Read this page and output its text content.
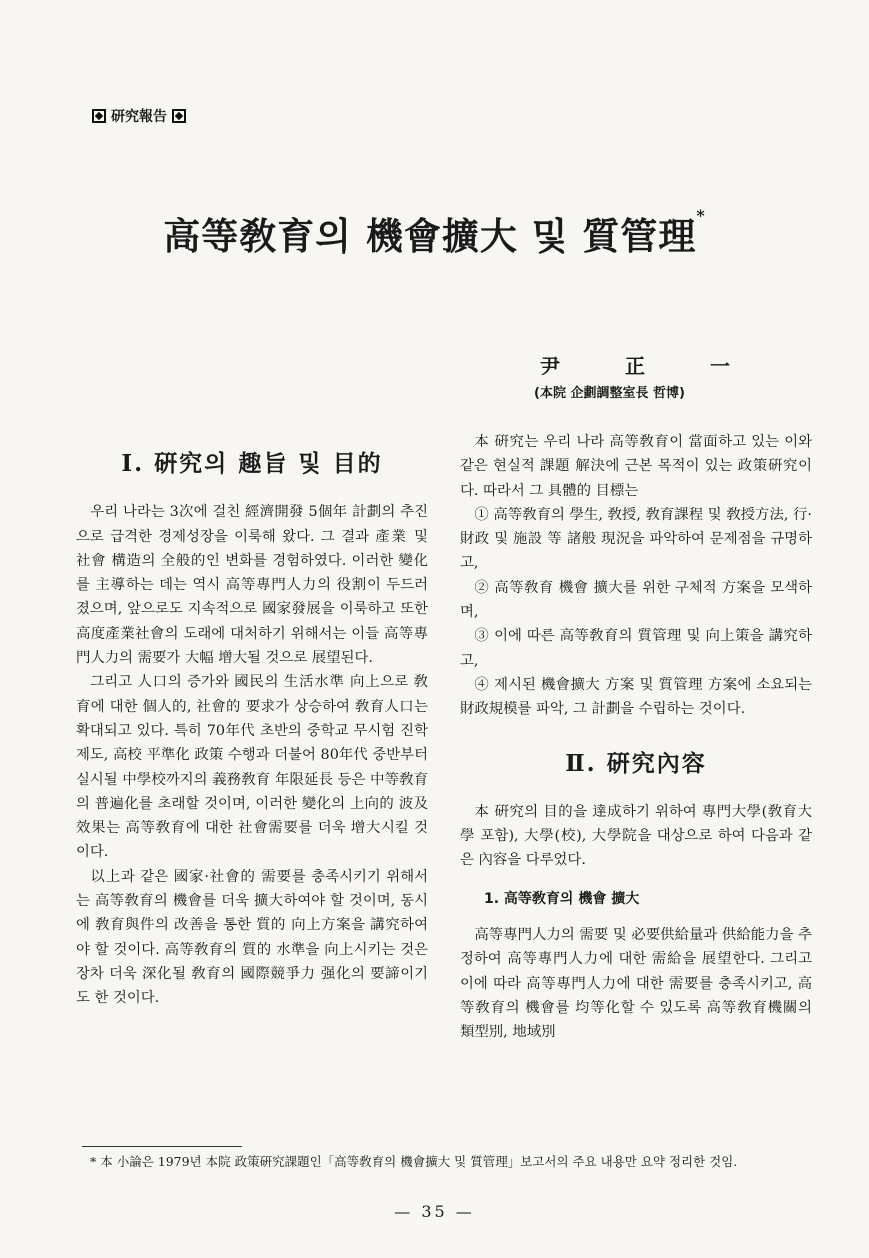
研究報告
高等敎育의 機會擴大 및 質管理*
尹	正	一
(本院 企劃調整室長 哲博)
Ⅰ. 硏究의 趣旨 및 目的

우리 나라는 3次에 걸친 經濟開發 5個年 計劃의 추진으로 급격한 경제성장을 이룩해 왔다. 그 결과 產業 및 社會 構造의 全般的인 변화를 경험하였다. 이러한 變化를 主導하는 데는 역시 高等專門人力의 役割이 두드러졌으며, 앞으로도 지속적으로 國家發展을 이룩하고 또한 高度產業社會의 도래에 대처하기 위해서는 이들 高等專門人力의 需要가 大幅 增大될 것으로 展望된다.

그리고 人口의 증가와 國民의 生活水準 向上으로 敎育에 대한 個人的, 社會的 要求가 상승하여 敎育人口는 확대되고 있다. 특히 70年代 초반의 중학교 무시험 진학제도, 高校 平準化 政策 수행과 더불어 80年代 중반부터 실시될 中學校까지의 義務敎育 年限延長 등은 中等敎育의 普遍化를 초래할 것이며, 이러한 變化의 上向的 波及效果는 高等敎育에 대한 社會需要를 더욱 增大시킬 것이다.

以上과 같은 國家·社會的 需要를 충족시키기 위해서는 高等敎育의 機會를 더욱 擴大하여야 할 것이며, 동시에 敎育與件의 改善을 통한 質的 向上方案을 講究하여야 할 것이다. 高等敎育의 質的 水準을 向上시키는 것은 장차 더욱 深化될 敎育의 國際競爭力 强化의 要諦이기도 한 것이다.

本 硏究는 우리 나라 高等敎育이 當面하고 있는 이와 같은 현실적 課題 解決에 근본 목적이 있는 政策硏究이다. 따라서 그 具體的 目標는

① 高等敎育의 學生, 敎授, 敎育課程 및 敎授方法, 行·財政 및 施設 等 諸般 現況을 파악하여 문제점을 규명하고,

② 高等敎育 機會 擴大를 위한 구체적 方案을 모색하며,

③ 이에 따른 高等敎育의 質管理 및 向上策을 講究하고,

④ 제시된 機會擴大 方案 및 質管理 方案에 소요되는 財政規模를 파악, 그 計劃을 수립하는 것이다.

Ⅱ. 硏究內容

本 硏究의 目的을 達成하기 위하여 專門大學(敎育大學 포함), 大學(校), 大學院을 대상으로 하여 다음과 같은 內容을 다루었다.

1. 高等敎育의 機會 擴大

高等專門人力의 需要 및 必要供給量과 供給能力을 추정하여 高等專門人力에 대한 需給을 展望한다. 그리고 이에 따라 高等專門人力에 대한 需要를 충족시키고, 高等敎育의 機會를 均等化할 수 있도록 高等敎育機關의 類型別, 地域別

* 本 小論은 1979년 本院 政策硏究課題인「高等敎育의 機會擴大 및 質管理」보고서의 주요 내용만 요약 정리한 것임.
— 35 —
